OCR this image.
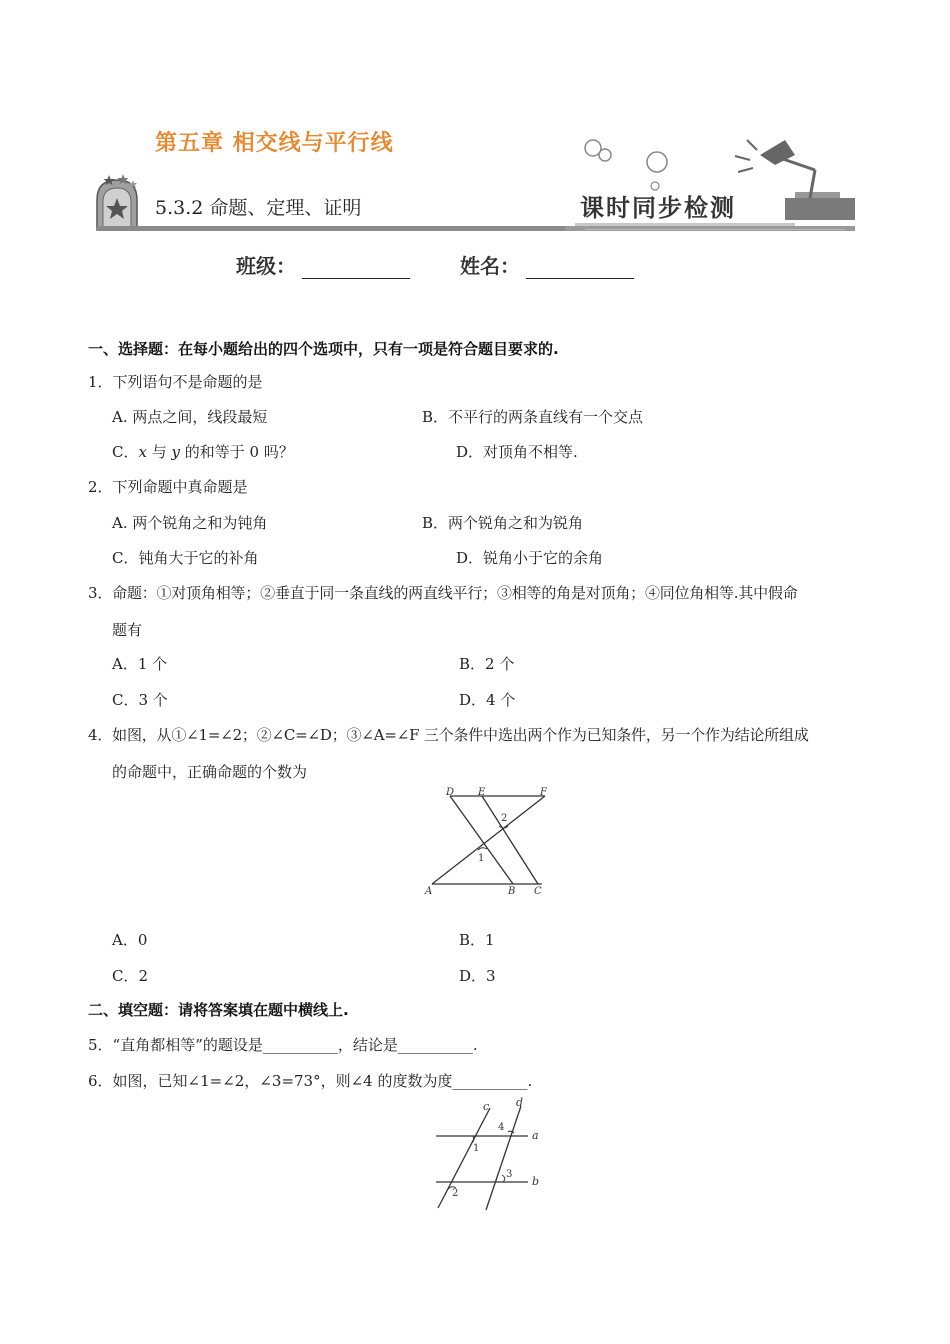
第五章 相交线与平行线
5.3.2 命题、定理、证明	课时同步检测
班级：	姓名：
一、选择题：在每小题给出的四个选项中，只有一项是符合题目要求的.
1．下列语句不是命题的是
A. 两点之间，线段最短	B．不平行的两条直线有一个交点
C．x 与 y 的和等于 0 吗？	D．对顶角不相等.
2．下列命题中真命题是
A. 两个锐角之和为钝角	B．两个锐角之和为锐角
C．钝角大于它的补角	D．锐角小于它的余角
3．命题：①对顶角相等；②垂直于同一条直线的两直线平行；③相等的角是对顶角；④同位角相等.其中假命
题有
A．1 个	B．2 个
C．3 个	D．4 个
4．如图，从①∠1=∠2；②∠C=∠D；③∠A=∠F 三个条件中选出两个作为已知条件，另一个作为结论所组成
的命题中，正确命题的个数为
D E	F
A	B C
1
2
A．0	B．1
C．2	D．3
二、填空题：请将答案填在题中横线上.
5．“直角都相等”的题设是__________，结论是__________.
6．如图，已知∠1=∠2，∠3=73°，则∠4 的度数为度__________.
c d
a
b
1
2
3
4
